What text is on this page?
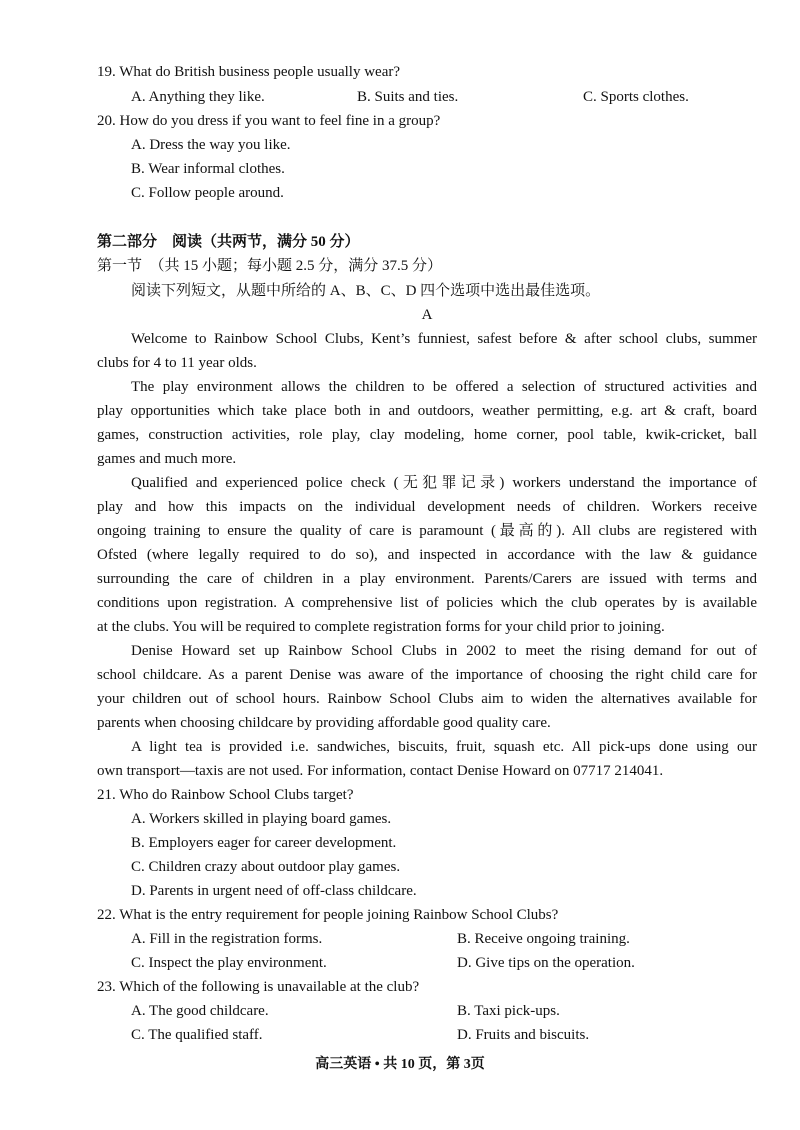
19. What do British business people usually wear?
A. Anything they like.	B. Suits and ties.	C. Sports clothes.
20. How do you dress if you want to feel fine in a group?
A. Dress the way you like.
B. Wear informal clothes.
C. Follow people around.
第二部分　阅读（共两节，满分 50 分）
第一节　（共 15 小题；每小题 2.5 分，满分 37.5 分）
阅读下列短文，从题中所给的 A、B、C、D 四个选项中选出最佳选项。
A
Welcome to Rainbow School Clubs, Kent’s funniest, safest before & after school clubs, summer
clubs for 4 to 11 year olds.
The play environment allows the children to be offered a selection of structured activities and
play opportunities which take place both in and outdoors, weather permitting, e.g. art & craft, board
games, construction activities, role play, clay modeling, home corner, pool table, kwik-cricket, ball
games and much more.
Qualified and experienced police check (无犯罪记录) workers understand the importance of
play and how this impacts on the individual development needs of children. Workers receive
ongoing training to ensure the quality of care is paramount (最高的). All clubs are registered with
Ofsted (where legally required to do so), and inspected in accordance with the law & guidance
surrounding the care of children in a play environment. Parents/Carers are issued with terms and
conditions upon registration. A comprehensive list of policies which the club operates by is available
at the clubs. You will be required to complete registration forms for your child prior to joining.
Denise Howard set up Rainbow School Clubs in 2002 to meet the rising demand for out of
school childcare. As a parent Denise was aware of the importance of choosing the right child care for
your children out of school hours. Rainbow School Clubs aim to widen the alternatives available for
parents when choosing childcare by providing affordable good quality care.
A light tea is provided i.e. sandwiches, biscuits, fruit, squash etc. All pick-ups done using our
own transport—taxis are not used. For information, contact Denise Howard on 07717 214041.
21. Who do Rainbow School Clubs target?
A. Workers skilled in playing board games.
B. Employers eager for career development.
C. Children crazy about outdoor play games.
D. Parents in urgent need of off-class childcare.
22. What is the entry requirement for people joining Rainbow School Clubs?
A. Fill in the registration forms.	B. Receive ongoing training.
C. Inspect the play environment.	D. Give tips on the operation.
23. Which of the following is unavailable at the club?
A. The good childcare.	B. Taxi pick-ups.
C. The qualified staff.	D. Fruits and biscuits.
高三英语 • 共 10 页，第 3页
